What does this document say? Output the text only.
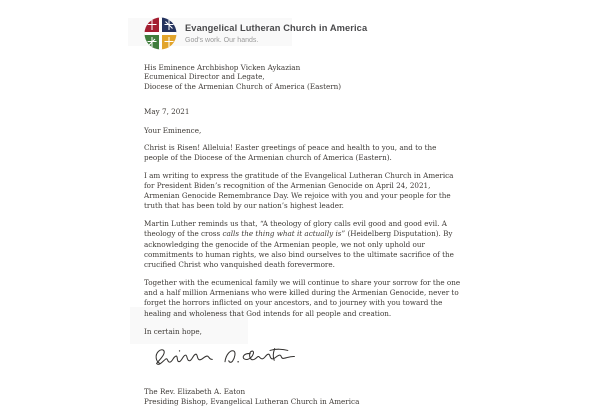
Evangelical Lutheran Church in America
God's work. Our hands.
His Eminence Archbishop Vicken Aykazian
Ecumenical Director and Legate,
Diocese of the Armenian Church of America (Eastern)
May 7, 2021
Your Eminence,

Christ is Risen! Alleluia! Easter greetings of peace and health to you, and to the people of the Diocese of the Armenian church of America (Eastern).

I am writing to express the gratitude of the Evangelical Lutheran Church in America for President Biden’s recognition of the Armenian Genocide on April 24, 2021, Armenian Genocide Remembrance Day. We rejoice with you and your people for the truth that has been told by our nation’s highest leader.

Martin Luther reminds us that, “A theology of glory calls evil good and good evil. A theology of the cross calls the thing what it actually is” (Heidelberg Disputation). By acknowledging the genocide of the Armenian people, we not only uphold our commitments to human rights, we also bind ourselves to the ultimate sacrifice of the crucified Christ who vanquished death forevermore.

Together with the ecumenical family we will continue to share your sorrow for the one and a half million Armenians who were killed during the Armenian Genocide, never to forget the horrors inflicted on your ancestors, and to journey with you toward the healing and wholeness that God intends for all people and creation.

In certain hope,
The Rev. Elizabeth A. Eaton
Presiding Bishop, Evangelical Lutheran Church in America
